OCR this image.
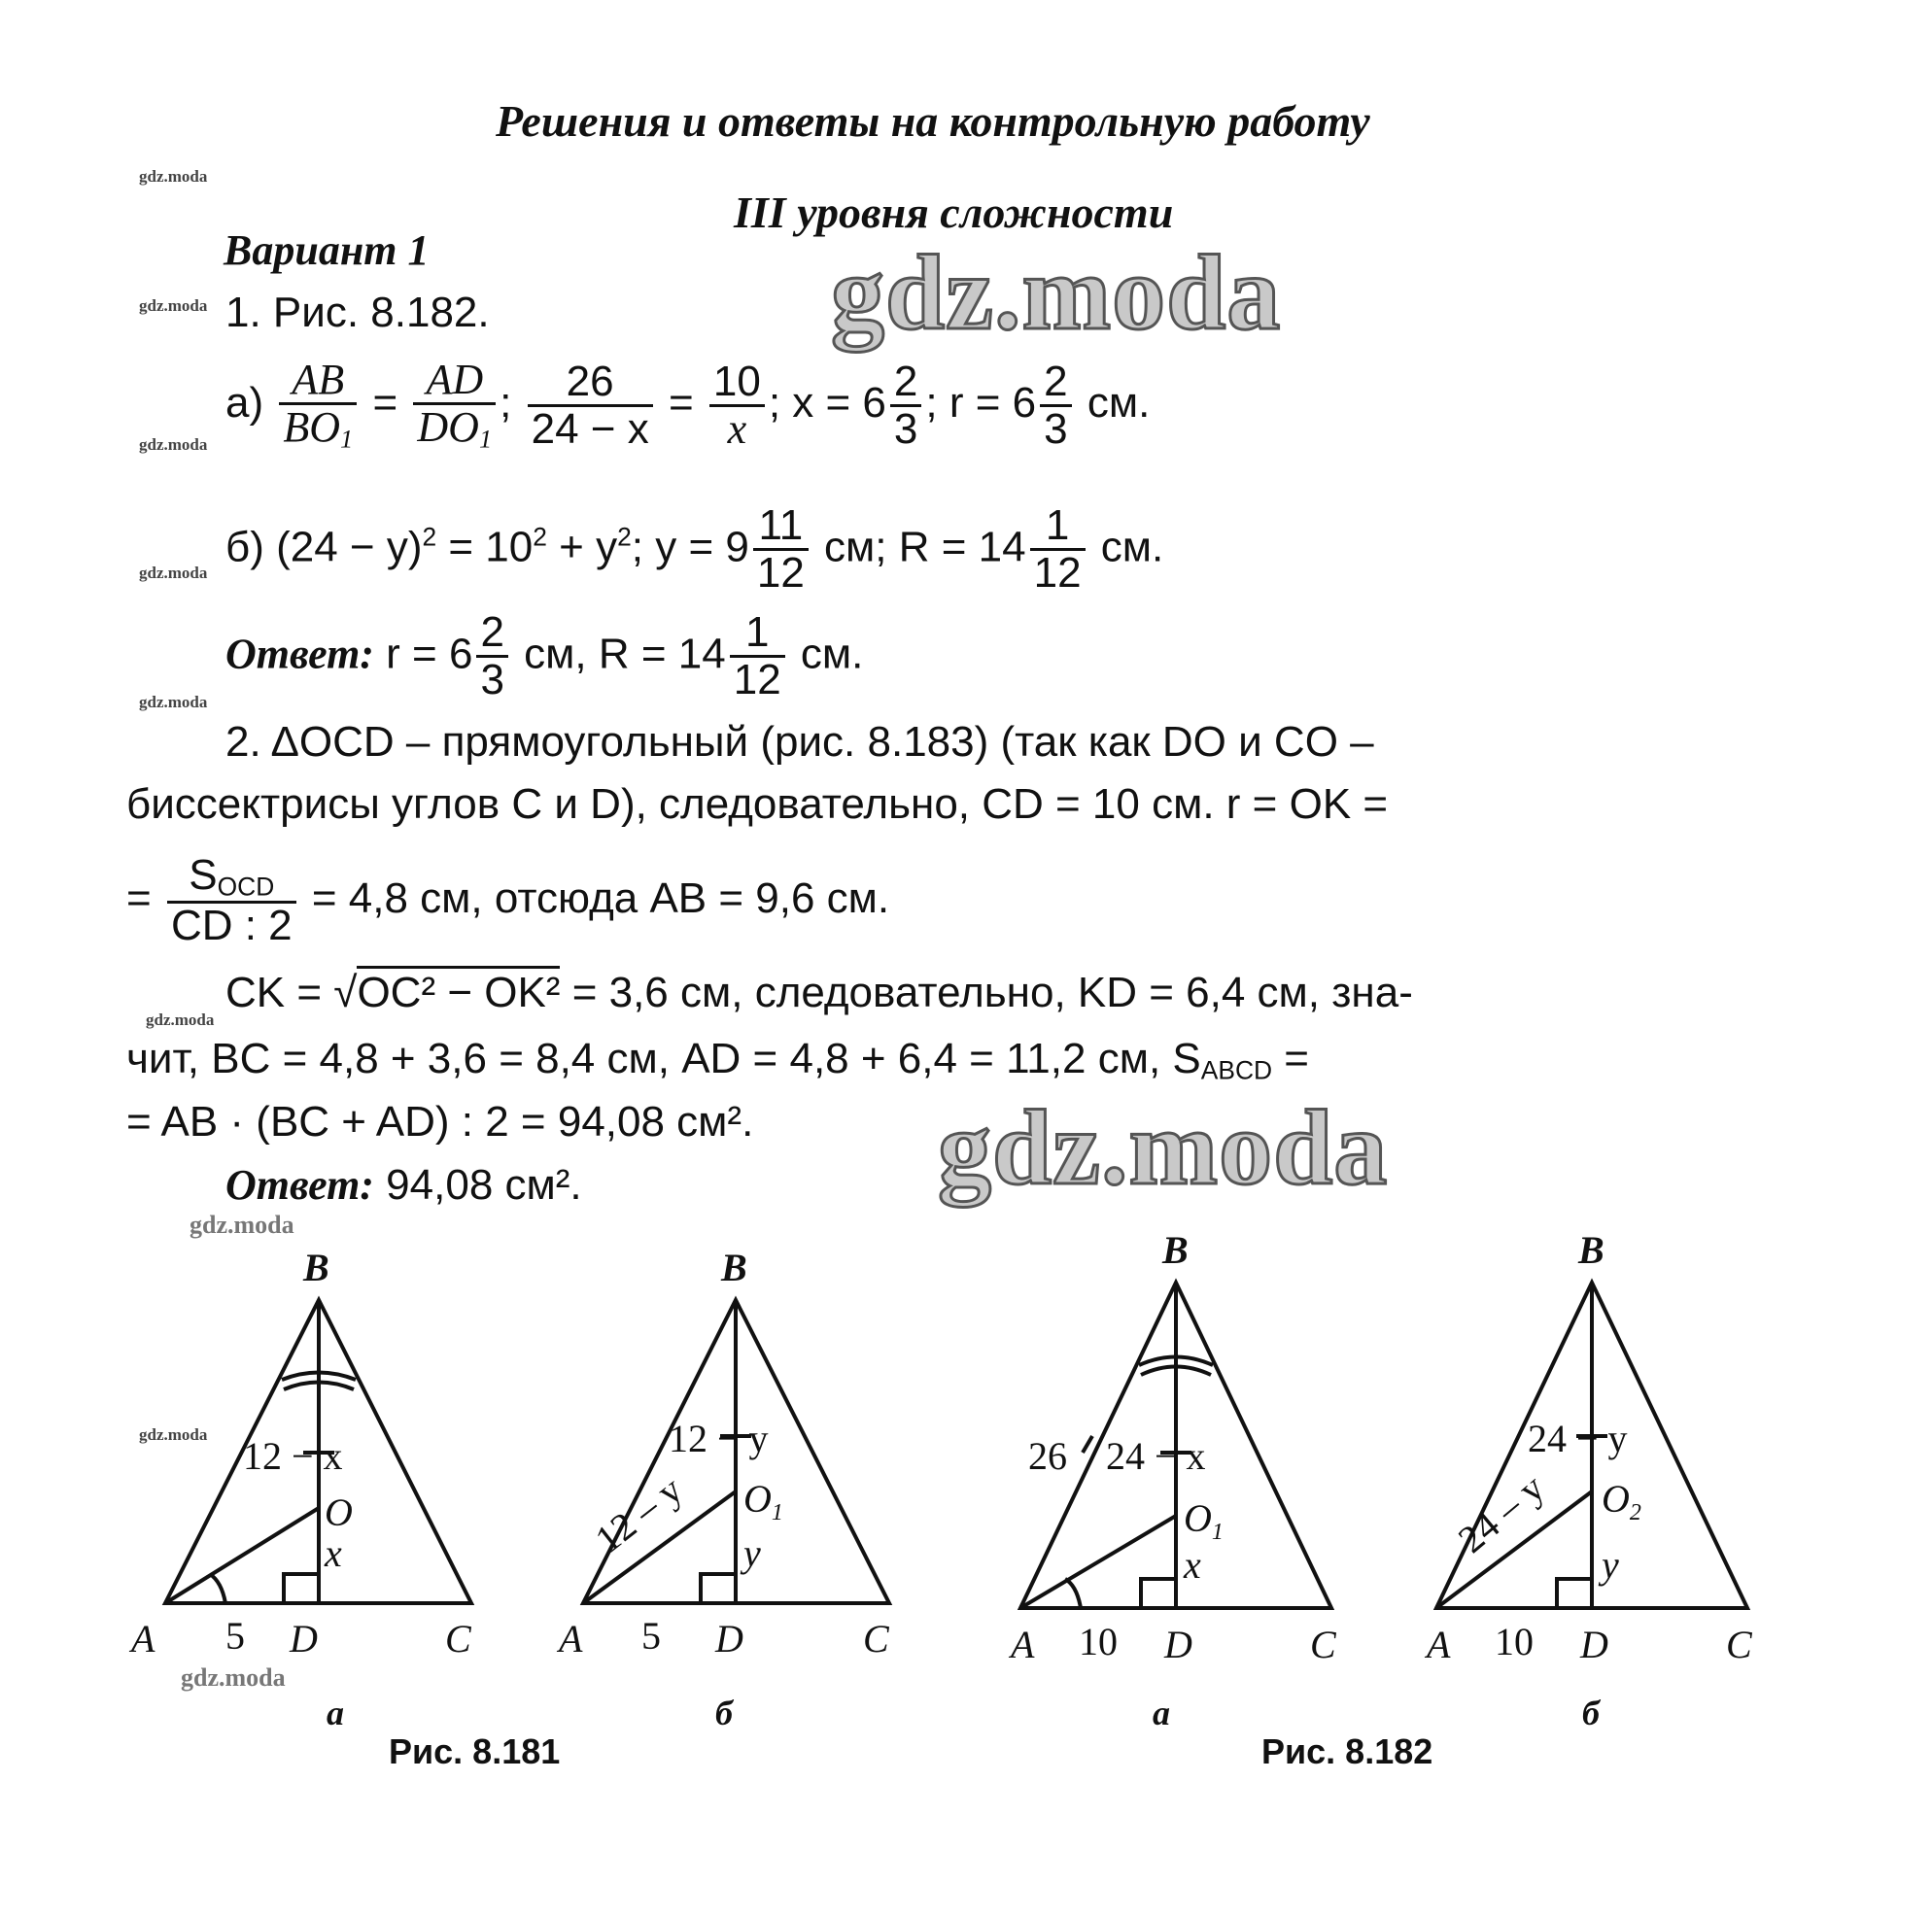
Решения и ответы на контрольную работу
III уровня сложности
Вариант 1
gdz.moda
gdz.moda
gdz.moda
gdz.moda
gdz.moda
gdz.moda
gdz.moda
gdz.moda
gdz.moda
gdz.moda
gdz.moda
1. Рис. 8.182.
$а) \frac{AB}{BO_1} = \frac{AD}{DO_1}$ ; $\frac{26}{24 - x} = \frac{10}{x}$ ; $x = 6 \frac{2}{3}$ ; $r = 6 \frac{2}{3}$ см.
б) $(24 - y)^2 = 10^2 + y^2$; $y = 9 \frac{11}{12}$ см; $R = 14 \frac{1}{12}$ см.
Ответ: $r = 6 \frac{2}{3}$ см, $R = 14 \frac{1}{12}$ см.
2. ΔOCD – прямоугольный (рис. 8.183) (так как DO и CO –
биссектрисы углов C и D), следовательно, CD = 10 см. r = OK =
= $\frac{S_{OCD}}{CD : 2} = 4,8$ см, отсюда AB = 9,6 см.
CK = √OC² − OK² = 3,6 см, следовательно, KD = 6,4 см, зна-
чит, BC = 4,8 + 3,6 = 8,4 см, AD = 4,8 + 6,4 = 11,2 см, $S_{ABCD}$ =
= AB · (BC + AD) : 2 = 94,08 см².
Ответ: 94,08 см².
B
A	D	C
O
x
12 − x
5
B
A	D	C
$O_1$
y
12 − y
12 – y
5
B
A	D	C
$O_1$
x
24 − x
26
10
B
A	D	C
$O_2$
y
24 − y
24 – y
10
а	б	а	б
Рис. 8.181	Рис. 8.182
